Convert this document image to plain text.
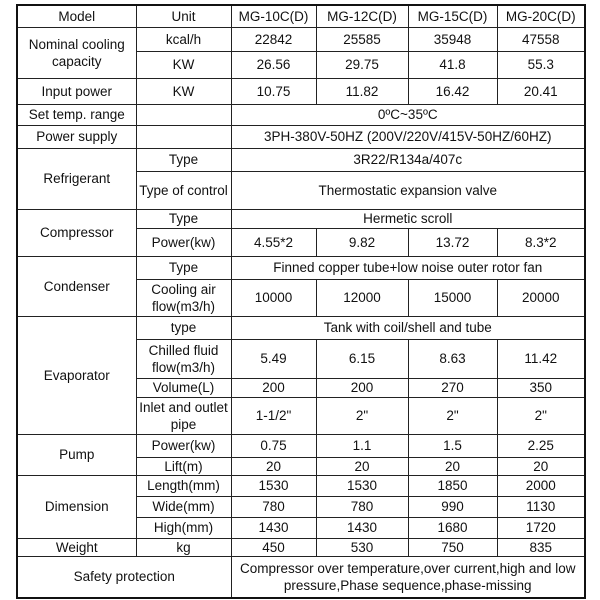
Model	Unit	MG-10C(D)	MG-12C(D)	MG-15C(D)	MG-20C(D)
Nominal cooling capacity	kcal/h	22842	25585	35948	47558
	KW	26.56	29.75	41.8	55.3
Input power	KW	10.75	11.82	16.42	20.41
Set temp. range		0ºC~35ºC			
Power supply		3PH-380V-50HZ (200V/220V/415V-50HZ/60HZ)			
Refrigerant	Type	3R22/R134a/407c			
	Type of control	Thermostatic expansion valve			
Compressor	Type	Hermetic scroll			
	Power(kw)	4.55*2	9.82	13.72	8.3*2
Condenser	Type	Finned copper tube+low noise outer rotor fan			
	Cooling air flow(m3/h)	10000	12000	15000	20000
Evaporator	type	Tank with coil/shell and tube			
	Chilled fluid flow(m3/h)	5.49	6.15	8.63	11.42
	Volume(L)	200	200	270	350
	Inlet and outlet pipe	1-1/2"	2"	2"	2"
Pump	Power(kw)	0.75	1.1	1.5	2.25
	Lift(m)	20	20	20	20
Dimension	Length(mm)	1530	1530	1850	2000
	Wide(mm)	780	780	990	1130
	High(mm)	1430	1430	1680	1720
Weight	kg	450	530	750	835
Safety protection		Compressor over temperature,over current,high and low pressure,Phase sequence,phase-missing			
